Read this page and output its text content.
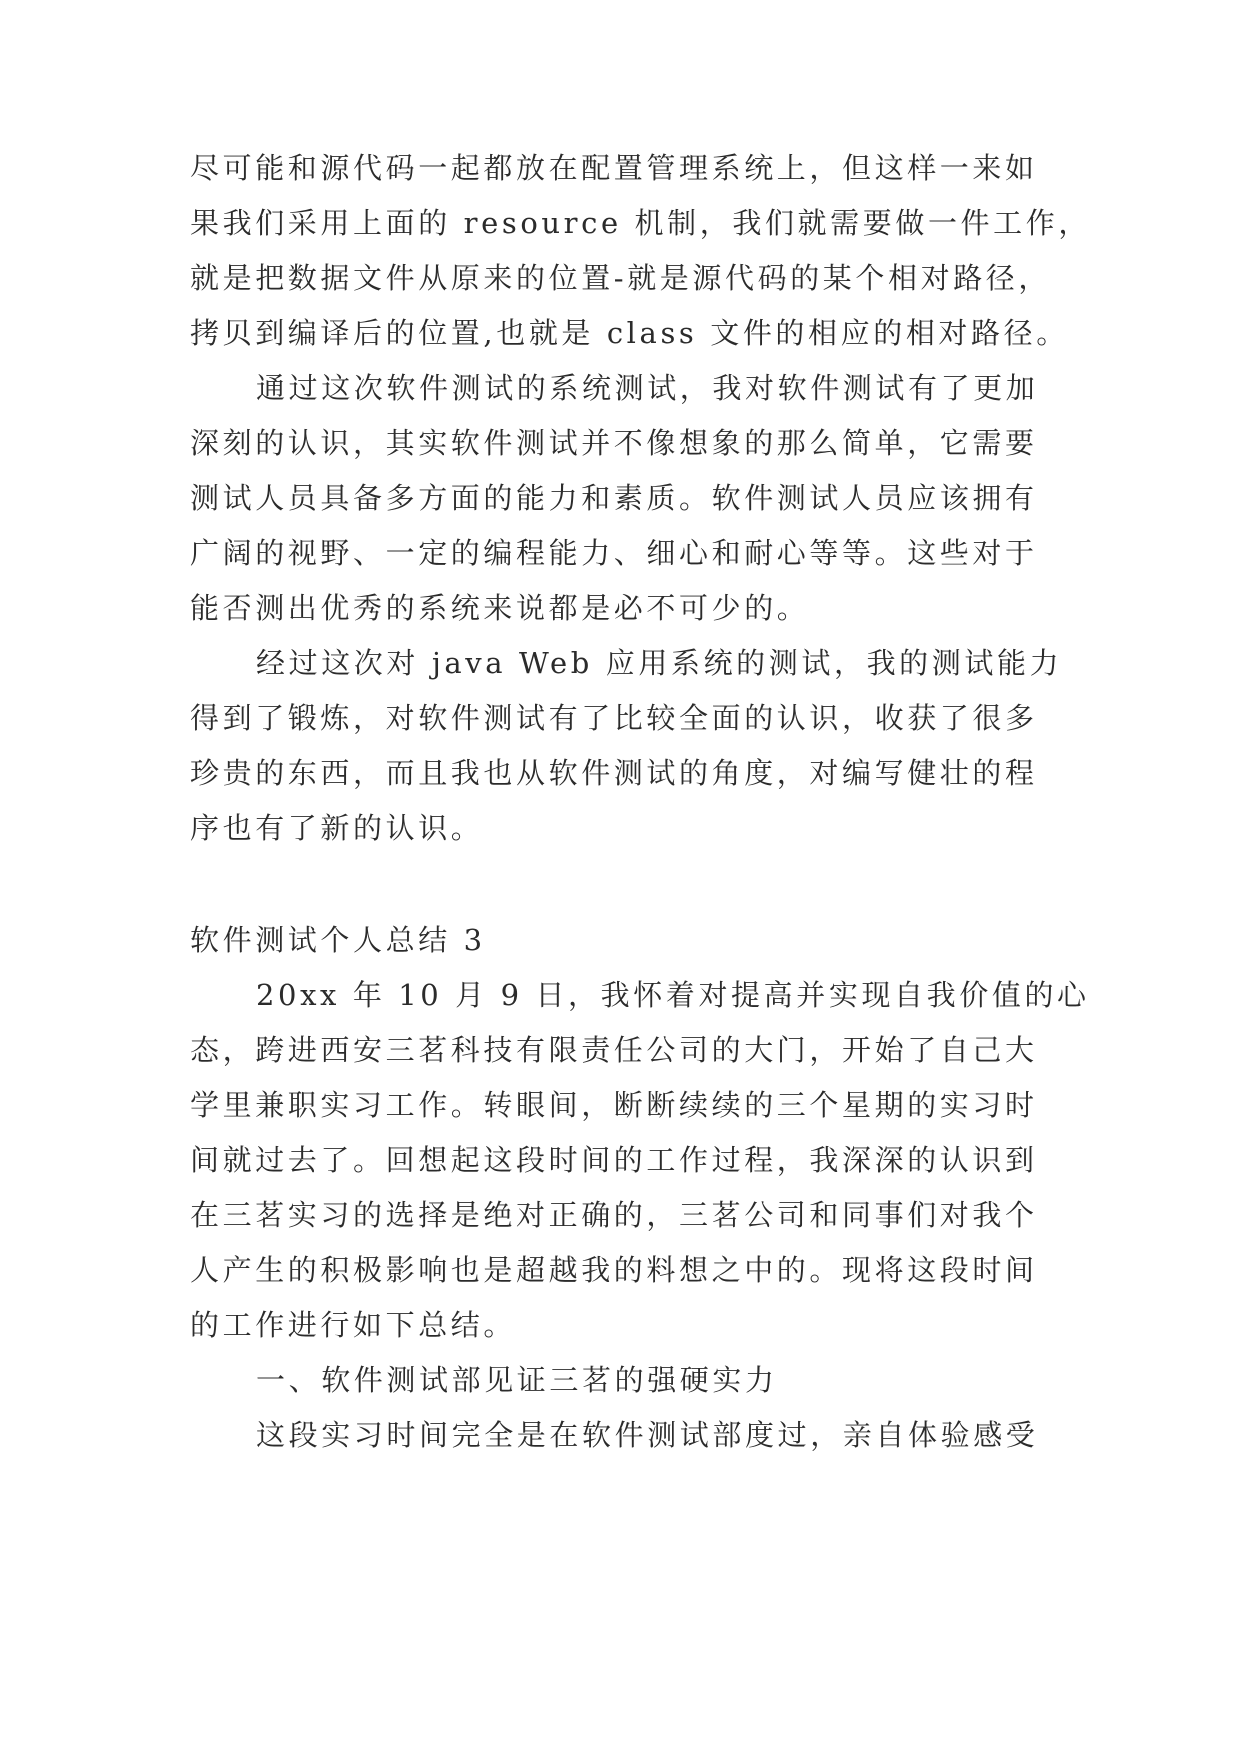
尽可能和源代码一起都放在配置管理系统上，但这样一来如

果我们采用上面的 resource 机制，我们就需要做一件工作，

就是把数据文件从原来的位置-就是源代码的某个相对路径，

拷贝到编译后的位置,也就是 class 文件的相应的相对路径。

通过这次软件测试的系统测试，我对软件测试有了更加

深刻的认识，其实软件测试并不像想象的那么简单，它需要

测试人员具备多方面的能力和素质。软件测试人员应该拥有

广阔的视野、一定的编程能力、细心和耐心等等。这些对于

能否测出优秀的系统来说都是必不可少的。

经过这次对 java Web 应用系统的测试，我的测试能力

得到了锻炼，对软件测试有了比较全面的认识，收获了很多

珍贵的东西，而且我也从软件测试的角度，对编写健壮的程

序也有了新的认识。

软件测试个人总结 3

20xx 年 10 月 9 日，我怀着对提高并实现自我价值的心

态，跨进西安三茗科技有限责任公司的大门，开始了自己大

学里兼职实习工作。转眼间，断断续续的三个星期的实习时

间就过去了。回想起这段时间的工作过程，我深深的认识到

在三茗实习的选择是绝对正确的，三茗公司和同事们对我个

人产生的积极影响也是超越我的料想之中的。现将这段时间

的工作进行如下总结。

一、软件测试部见证三茗的强硬实力

这段实习时间完全是在软件测试部度过，亲自体验感受
